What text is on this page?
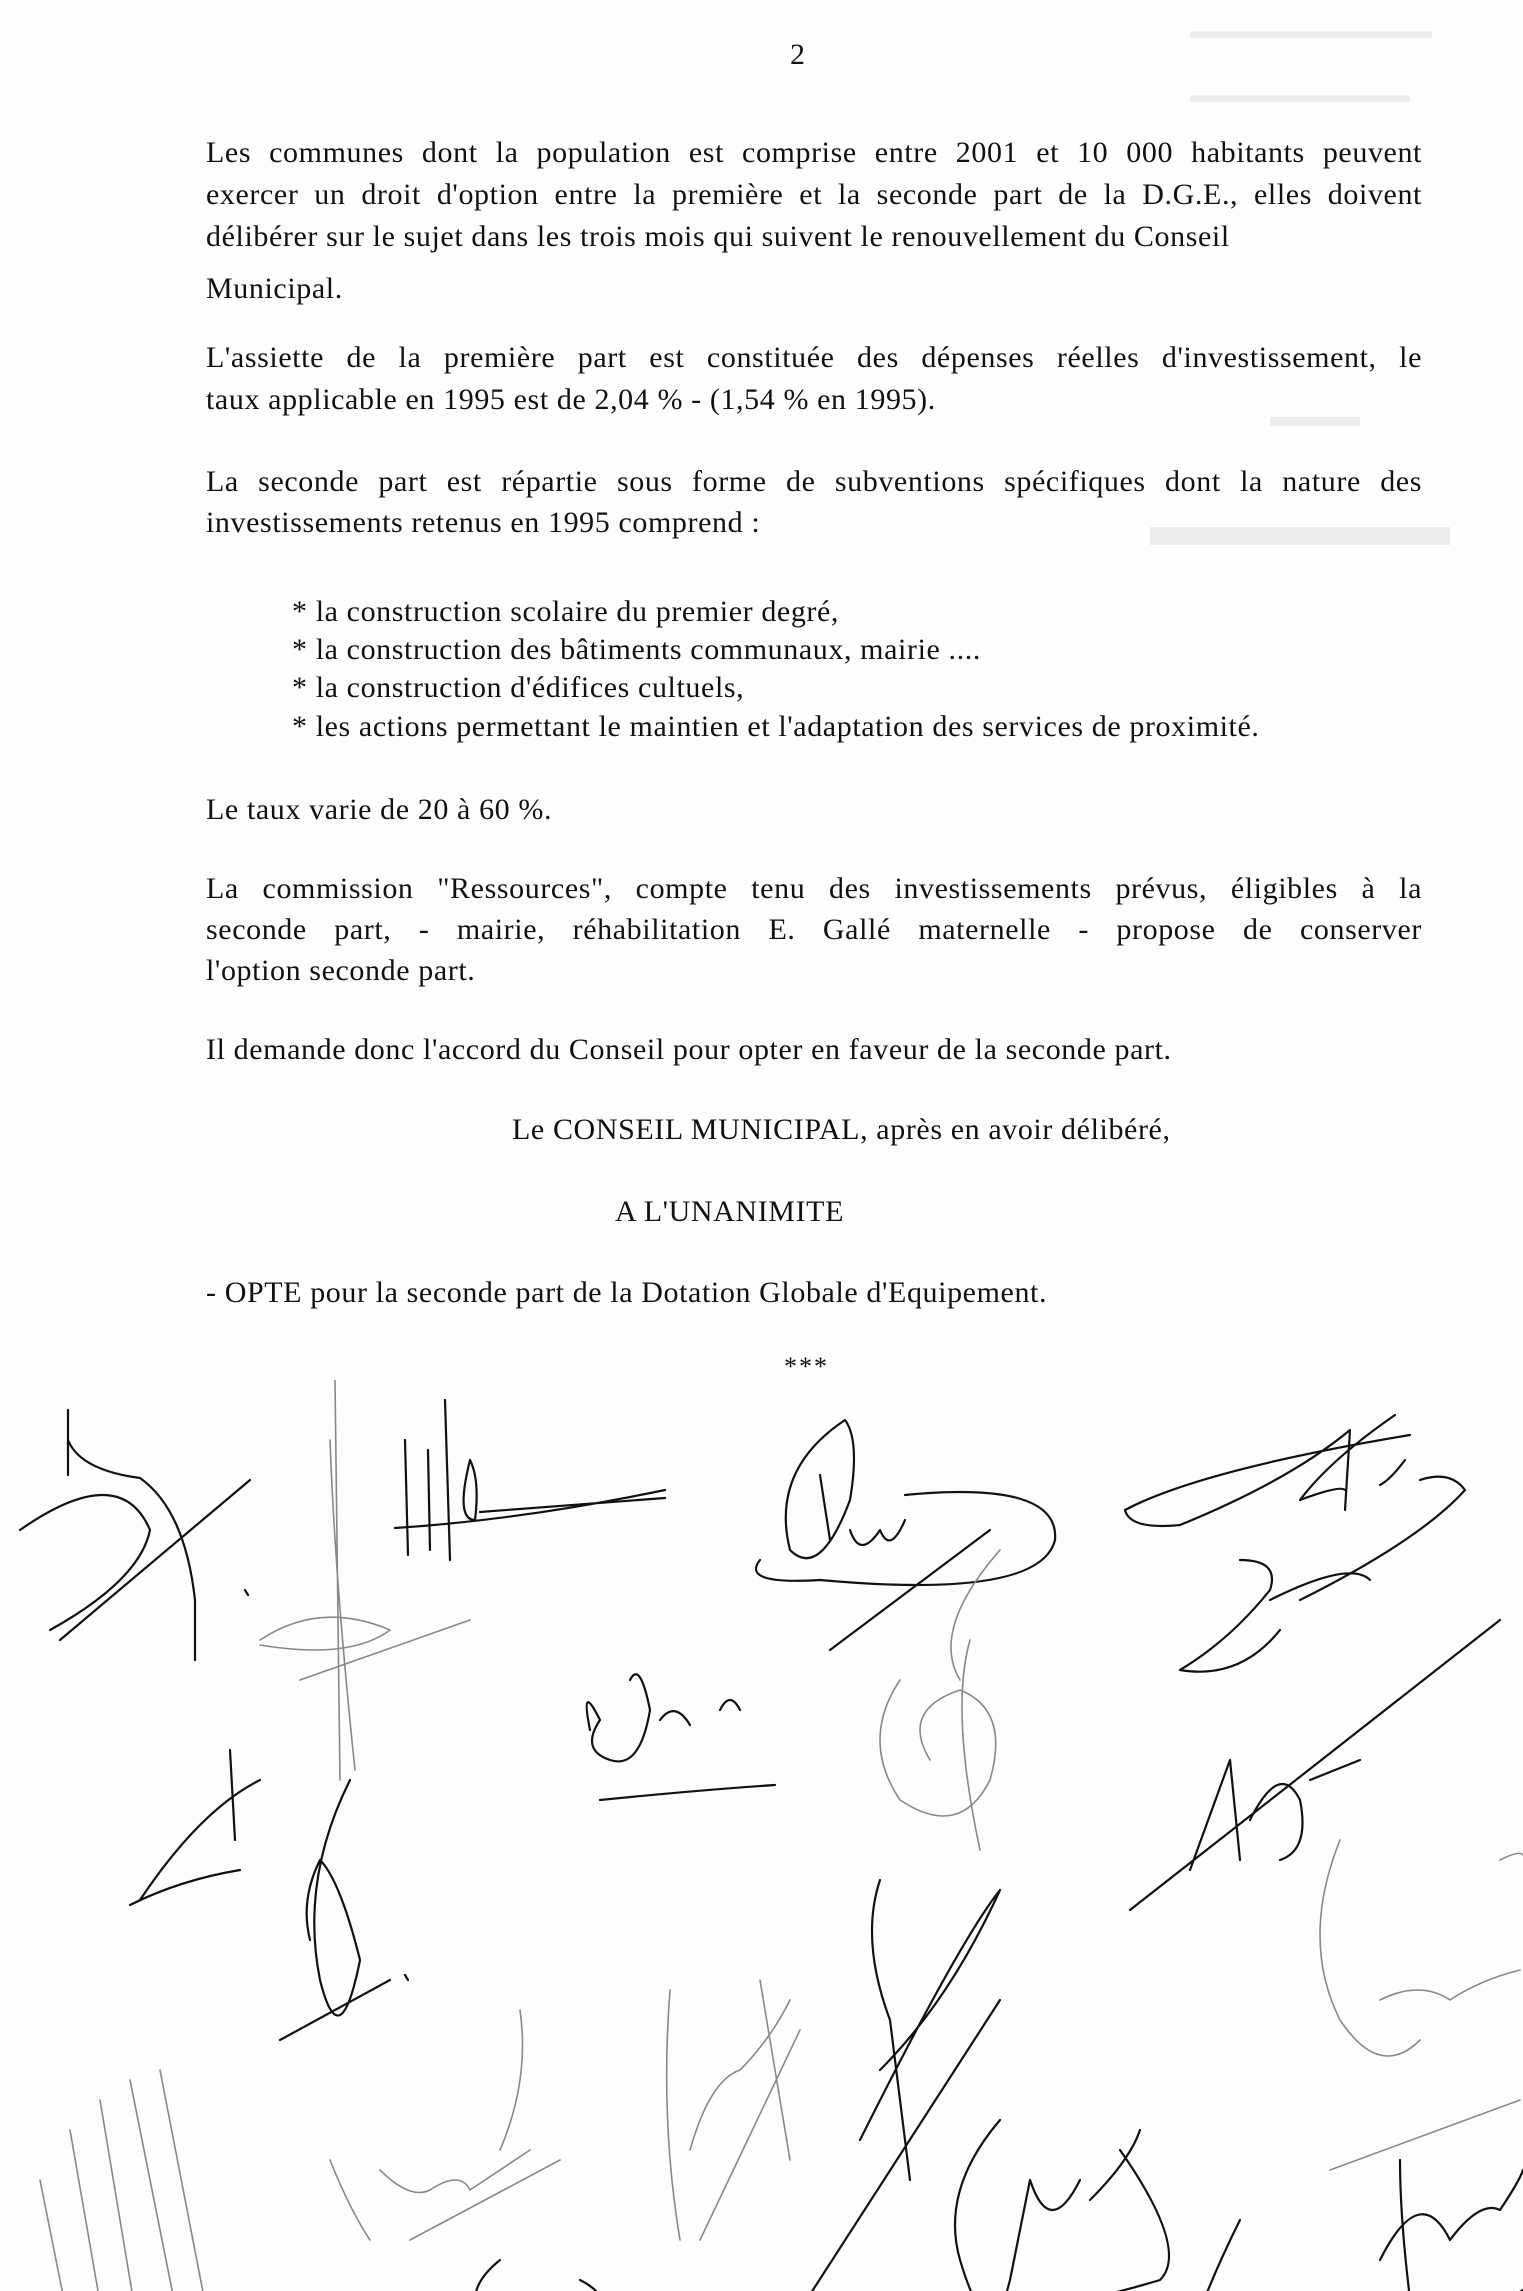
▬▬▬▬▬▬▬▬▬▬▬
▬▬▬▬▬▬▬▬▬▬
▬▬▬
▬▬▬▬▬
2
Les communes dont la population est comprise entre 2001 et 10 000 habitants peuvent
exercer un droit d'option entre la première et la seconde part de la D.G.E., elles doivent
délibérer sur le sujet dans les trois mois qui suivent le renouvellement du Conseil
Municipal.
L'assiette de la première part est constituée des dépenses réelles d'investissement, le
taux applicable en 1995 est de 2,04 % - (1,54 % en 1995).
La seconde part est répartie sous forme de subventions spécifiques dont la nature des
investissements retenus en 1995 comprend :
* la construction scolaire du premier degré,
* la construction des bâtiments communaux, mairie ....
* la construction d'édifices cultuels,
* les actions permettant le maintien et l'adaptation des services de proximité.
Le taux varie de 20 à 60 %.
La commission "Ressources", compte tenu des investissements prévus, éligibles à la
seconde part, - mairie, réhabilitation E. Gallé maternelle - propose de conserver
l'option seconde part.
Il demande donc l'accord du Conseil pour opter en faveur de la seconde part.
Le CONSEIL MUNICIPAL, après en avoir délibéré,
A L'UNANIMITE
- OPTE pour la seconde part de la Dotation Globale d'Equipement.
***
